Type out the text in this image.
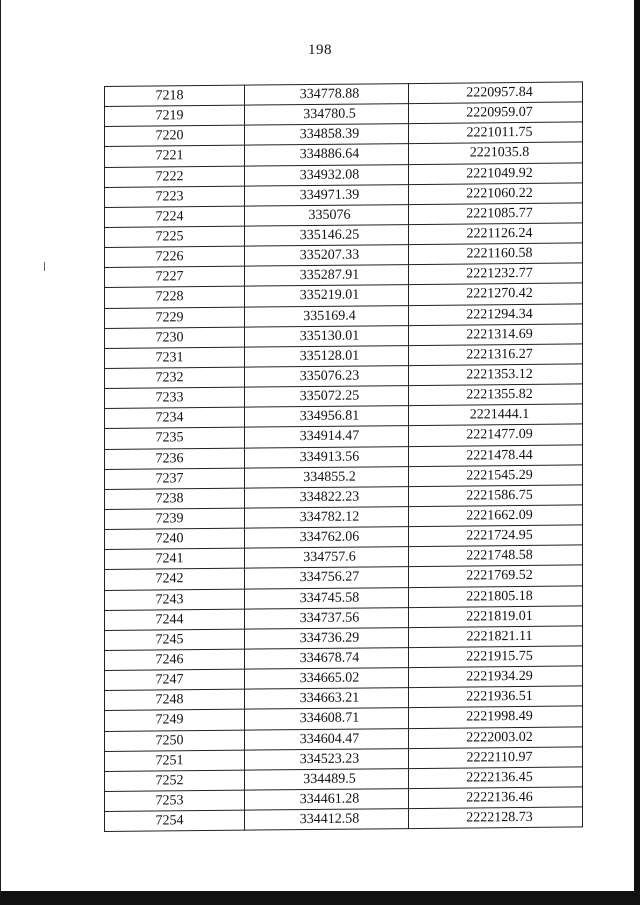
198
7218	334778.88	2220957.84
7219	334780.5	2220959.07
7220	334858.39	2221011.75
7221	334886.64	2221035.8
7222	334932.08	2221049.92
7223	334971.39	2221060.22
7224	335076	2221085.77
7225	335146.25	2221126.24
7226	335207.33	2221160.58
7227	335287.91	2221232.77
7228	335219.01	2221270.42
7229	335169.4	2221294.34
7230	335130.01	2221314.69
7231	335128.01	2221316.27
7232	335076.23	2221353.12
7233	335072.25	2221355.82
7234	334956.81	2221444.1
7235	334914.47	2221477.09
7236	334913.56	2221478.44
7237	334855.2	2221545.29
7238	334822.23	2221586.75
7239	334782.12	2221662.09
7240	334762.06	2221724.95
7241	334757.6	2221748.58
7242	334756.27	2221769.52
7243	334745.58	2221805.18
7244	334737.56	2221819.01
7245	334736.29	2221821.11
7246	334678.74	2221915.75
7247	334665.02	2221934.29
7248	334663.21	2221936.51
7249	334608.71	2221998.49
7250	334604.47	2222003.02
7251	334523.23	2222110.97
7252	334489.5	2222136.45
7253	334461.28	2222136.46
7254	334412.58	2222128.73
